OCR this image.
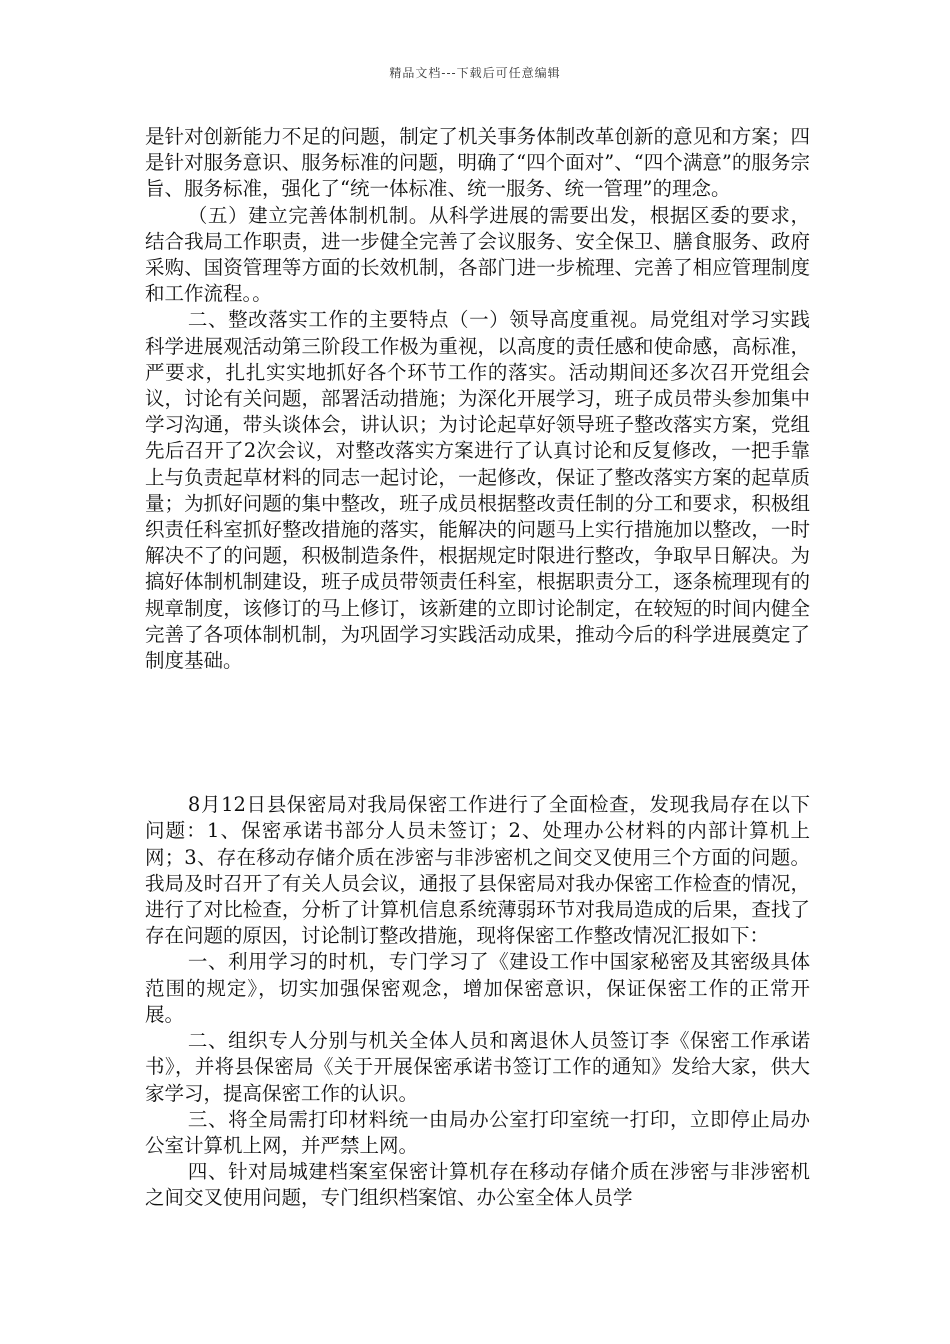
精品文档---下载后可任意编辑

是针对创新能力不足的问题，制定了机关事务体制改革创新的意见和方案；四是针对服务意识、服务标准的问题，明确了“四个面对”、“四个满意”的服务宗旨、服务标准，强化了“统一体标准、统一服务、统一管理”的理念。

（五）建立完善体制机制。从科学进展的需要出发，根据区委的要求，结合我局工作职责，进一步健全完善了会议服务、安全保卫、膳食服务、政府采购、国资管理等方面的长效机制，各部门进一步梳理、完善了相应管理制度和工作流程。。

二、整改落实工作的主要特点（一）领导高度重视。局党组对学习实践科学进展观活动第三阶段工作极为重视，以高度的责任感和使命感，高标准，严要求，扎扎实实地抓好各个环节工作的落实。活动期间还多次召开党组会议，讨论有关问题，部署活动措施；为深化开展学习，班子成员带头参加集中学习沟通，带头谈体会，讲认识；为讨论起草好领导班子整改落实方案，党组先后召开了2次会议，对整改落实方案进行了认真讨论和反复修改，一把手靠上与负责起草材料的同志一起讨论，一起修改，保证了整改落实方案的起草质量；为抓好问题的集中整改，班子成员根据整改责任制的分工和要求，积极组织责任科室抓好整改措施的落实，能解决的问题马上实行措施加以整改，一时解决不了的问题，积极制造条件，根据规定时限进行整改，争取早日解决。为搞好体制机制建设，班子成员带领责任科室，根据职责分工，逐条梳理现有的规章制度，该修订的马上修订，该新建的立即讨论制定，在较短的时间内健全完善了各项体制机制，为巩固学习实践活动成果，推动今后的科学进展奠定了制度基础。

8月12日县保密局对我局保密工作进行了全面检查，发现我局存在以下问题：1、保密承诺书部分人员未签订；2、处理办公材料的内部计算机上网；3、存在移动存储介质在涉密与非涉密机之间交叉使用三个方面的问题。我局及时召开了有关人员会议，通报了县保密局对我办保密工作检查的情况，进行了对比检查，分析了计算机信息系统薄弱环节对我局造成的后果，查找了存在问题的原因，讨论制订整改措施，现将保密工作整改情况汇报如下：

一、利用学习的时机，专门学习了《建设工作中国家秘密及其密级具体范围的规定》，切实加强保密观念，增加保密意识，保证保密工作的正常开展。

二、组织专人分别与机关全体人员和离退休人员签订李《保密工作承诺书》，并将县保密局《关于开展保密承诺书签订工作的通知》发给大家，供大家学习，提高保密工作的认识。

三、将全局需打印材料统一由局办公室打印室统一打印，立即停止局办公室计算机上网，并严禁上网。

四、针对局城建档案室保密计算机存在移动存储介质在涉密与非涉密机之间交叉使用问题，专门组织档案馆、办公室全体人员学
